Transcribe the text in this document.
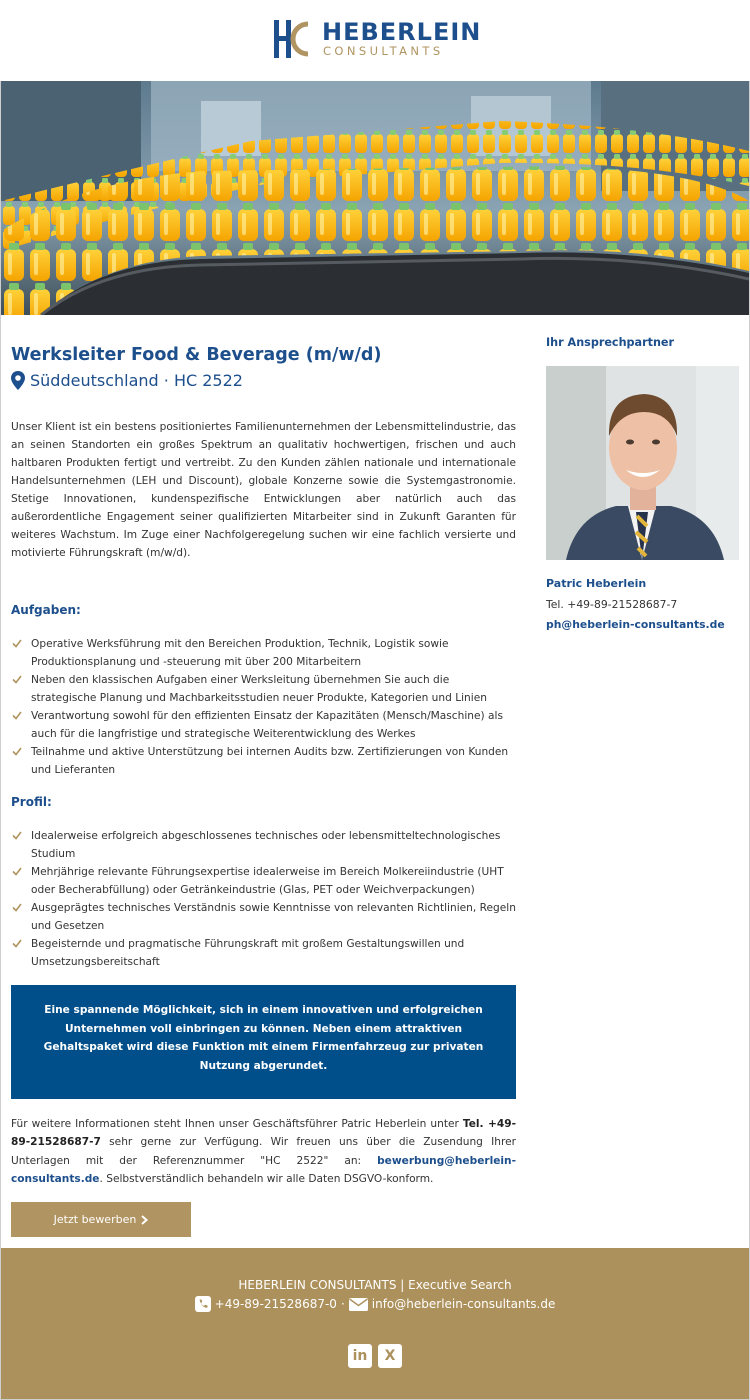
HEBERLEIN
CONSULTANTS
Werksleiter Food & Beverage (m/w/d)
Süddeutschland · HC 2522

Unser Klient ist ein bestens positioniertes Familienunternehmen der Lebensmittelindustrie, das an seinen Standorten ein großes Spektrum an qualitativ hochwertigen, frischen und auch haltbaren Produkten fertigt und vertreibt. Zu den Kunden zählen nationale und internationale Handelsunternehmen (LEH und Discount), globale Konzerne sowie die Systemgastronomie. Stetige Innovationen, kundenspezifische Entwicklungen aber natürlich auch das außerordentliche Engagement seiner qualifizierten Mitarbeiter sind in Zukunft Garanten für weiteres Wachstum. Im Zuge einer Nachfolgeregelung suchen wir eine fachlich versierte und motivierte Führungskraft (m/w/d).

Aufgaben:
Operative Werksführung mit den Bereichen Produktion, Technik, Logistik sowie Produktionsplanung und -steuerung mit über 200 Mitarbeitern
Neben den klassischen Aufgaben einer Werksleitung übernehmen Sie auch die strategische Planung und Machbarkeitsstudien neuer Produkte, Kategorien und Linien
Verantwortung sowohl für den effizienten Einsatz der Kapazitäten (Mensch/Maschine) als auch für die langfristige und strategische Weiterentwicklung des Werkes
Teilnahme und aktive Unterstützung bei internen Audits bzw. Zertifizierungen von Kunden und Lieferanten
Profil:
Idealerweise erfolgreich abgeschlossenes technisches oder lebensmitteltechnologisches Studium
Mehrjährige relevante Führungsexpertise idealerweise im Bereich Molkereiindustrie (UHT oder Becherabfüllung) oder Getränkeindustrie (Glas, PET oder Weichverpackungen)
Ausgeprägtes technisches Verständnis sowie Kenntnisse von relevanten Richtlinien, Regeln und Gesetzen
Begeisternde und pragmatische Führungskraft mit großem Gestaltungswillen und Umsetzungsbereitschaft

Eine spannende Möglichkeit, sich in einem innovativen und erfolgreichen Unternehmen voll einbringen zu können. Neben einem attraktiven Gehaltspaket wird diese Funktion mit einem Firmenfahrzeug zur privaten Nutzung abgerundet.

Für weitere Informationen steht Ihnen unser Geschäftsführer Patric Heberlein unter Tel. +49-89-21528687-7 sehr gerne zur Verfügung. Wir freuen uns über die Zusendung Ihrer Unterlagen mit der Referenznummer "HC 2522" an: bewerbung@heberlein-consultants.de. Selbstverständlich behandeln wir alle Daten DSGVO-konform.

Jetzt bewerben
Ihr Ansprechpartner
Patric Heberlein
Tel. +49-89-21528687-7
ph@heberlein-consultants.de
HEBERLEIN CONSULTANTS | Executive Search
+49-89-21528687-0 · info@heberlein-consultants.de
in X
